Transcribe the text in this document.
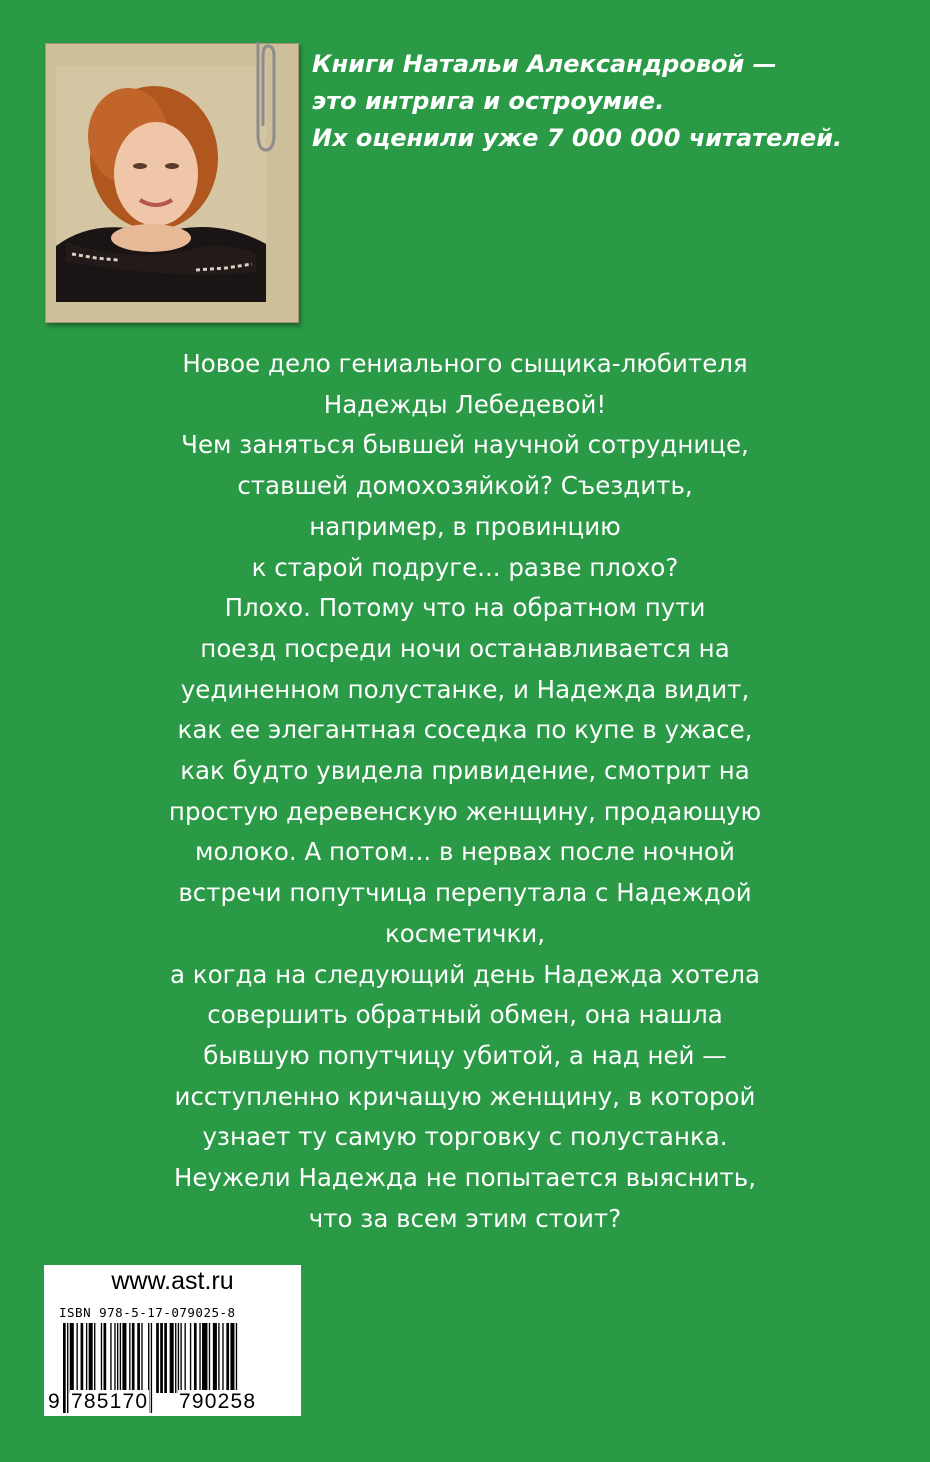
Книги Натальи Александровой —
это интрига и остроумие.
Их оценили уже 7 000 000 читателей.
Новое дело гениального сыщика-любителя
Надежды Лебедевой!
Чем заняться бывшей научной сотруднице,
ставшей домохозяйкой? Съездить,
например, в провинцию
к старой подруге... разве плохо?
Плохо. Потому что на обратном пути
поезд посреди ночи останавливается на
уединенном полустанке, и Надежда видит,
как ее элегантная соседка по купе в ужасе,
как будто увидела привидение, смотрит на
простую деревенскую женщину, продающую
молоко. А потом... в нервах после ночной
встречи попутчица перепутала с Надеждой
косметички,
а когда на следующий день Надежда хотела
совершить обратный обмен, она нашла
бывшую попутчицу убитой, а над ней —
исступленно кричащую женщину, в которой
узнает ту самую торговку с полустанка.
Неужели Надежда не попытается выяснить,
что за всем этим стоит?
www.ast.ru
ISBN 978-5-17-079025-8
9 785170 790258
